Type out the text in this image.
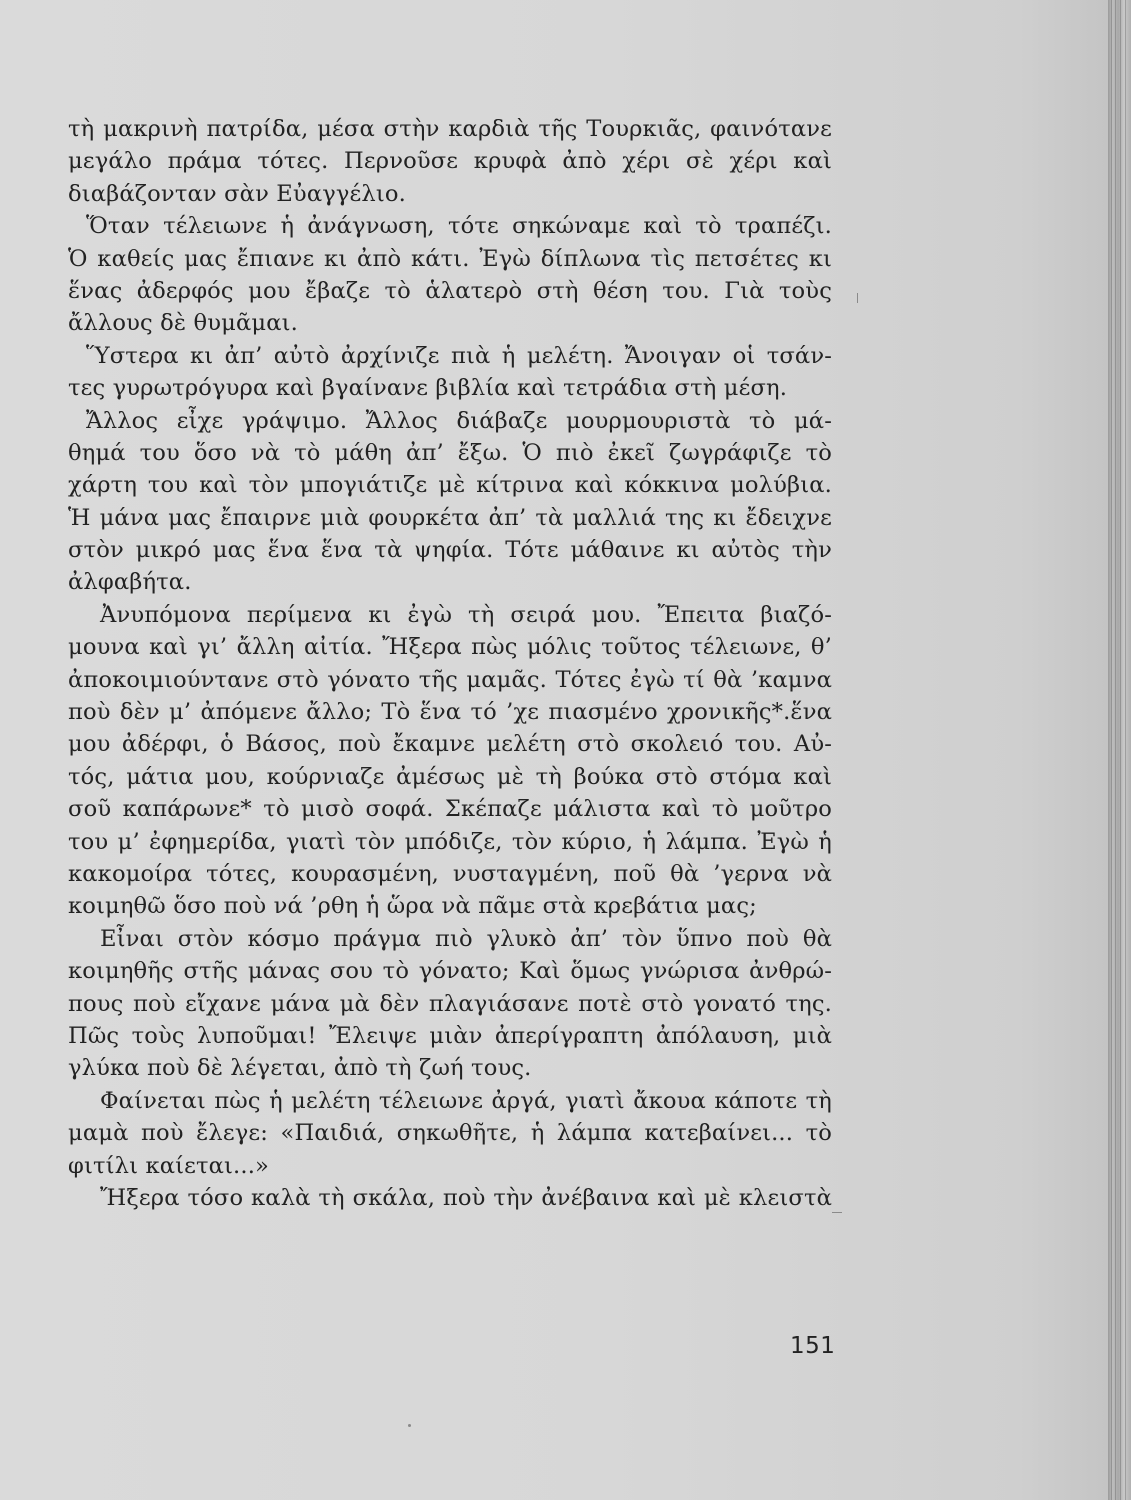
τὴ μακρινὴ πατρίδα, μέσα στὴν καρδιὰ τῆς Τουρκιᾶς, φαινότανε
μεγάλο πράμα τότες. Περνοῦσε κρυφὰ ἀπὸ χέρι σὲ χέρι καὶ
διαβάζονταν σὰν Εὐαγγέλιο.
Ὅταν τέλειωνε ἡ ἀνάγνωση, τότε σηκώναμε καὶ τὸ τραπέζι.
Ὁ καθείς μας ἔπιανε κι ἀπὸ κάτι. Ἐγὼ δίπλωνα τὶς πετσέτες κι
ἕνας ἀδερφός μου ἔβαζε τὸ ἁλατερὸ στὴ θέση του. Γιὰ τοὺς
ἄλλους δὲ θυμᾶμαι.
Ὕστερα κι ἀπ’ αὐτὸ ἀρχίνιζε πιὰ ἡ μελέτη. Ἄνοιγαν οἱ τσάν-
τες γυρωτρόγυρα καὶ βγαίνανε βιβλία καὶ τετράδια στὴ μέση.
Ἄλλος εἶχε γράψιμο. Ἄλλος διάβαζε μουρμουριστὰ τὸ μά-
θημά του ὅσο νὰ τὸ μάθη ἀπ’ ἔξω. Ὁ πιὸ ἐκεῖ ζωγράφιζε τὸ
χάρτη του καὶ τὸν μπογιάτιζε μὲ κίτρινα καὶ κόκκινα μολύβια.
Ἡ μάνα μας ἔπαιρνε μιὰ φουρκέτα ἀπ’ τὰ μαλλιά της κι ἔδειχνε
στὸν μικρό μας ἕνα ἕνα τὰ ψηφία. Τότε μάθαινε κι αὐτὸς τὴν
ἀλφαβήτα.
Ἀνυπόμονα περίμενα κι ἐγὼ τὴ σειρά μου. Ἔπειτα βιαζό-
μουνα καὶ γι’ ἄλλη αἰτία. Ἤξερα πὼς μόλις τοῦτος τέλειωνε, θ’
ἀποκοιμιούντανε στὸ γόνατο τῆς μαμᾶς. Τότες ἐγὼ τί θὰ ’καμνα
ποὺ δὲν μ’ ἀπόμενε ἄλλο; Τὸ ἕνα τό ’χε πιασμένο χρονικῆς*.ἕνα
μου ἀδέρφι, ὁ Βάσος, ποὺ ἔκαμνε μελέτη στὸ σκολειό του. Αὐ-
τός, μάτια μου, κούρνιαζε ἀμέσως μὲ τὴ βούκα στὸ στόμα καὶ
σοῦ καπάρωνε* τὸ μισὸ σοφά. Σκέπαζε μάλιστα καὶ τὸ μοῦτρο
του μ’ ἐφημερίδα, γιατὶ τὸν μπόδιζε, τὸν κύριο, ἡ λάμπα. Ἐγὼ ἡ
κακομοίρα τότες, κουρασμένη, νυσταγμένη, ποῦ θὰ ’γερνα νὰ
κοιμηθῶ ὅσο ποὺ νά ’ρθη ἡ ὥρα νὰ πᾶμε στὰ κρεβάτια μας;
Εἶναι στὸν κόσμο πράγμα πιὸ γλυκὸ ἀπ’ τὸν ὕπνο ποὺ θὰ
κοιμηθῆς στῆς μάνας σου τὸ γόνατο; Καὶ ὅμως γνώρισα ἀνθρώ-
πους ποὺ εἴχανε μάνα μὰ δὲν πλαγιάσανε ποτὲ στὸ γονατό της.
Πῶς τοὺς λυποῦμαι! Ἔλειψε μιὰν ἀπερίγραπτη ἀπόλαυση, μιὰ
γλύκα ποὺ δὲ λέγεται, ἀπὸ τὴ ζωή τους.
Φαίνεται πὼς ἡ μελέτη τέλειωνε ἀργά, γιατὶ ἄκουα κάποτε τὴ
μαμὰ ποὺ ἔλεγε: «Παιδιά, σηκωθῆτε, ἡ λάμπα κατεβαίνει... τὸ
φιτίλι καίεται...»
Ἤξερα τόσο καλὰ τὴ σκάλα, ποὺ τὴν ἀνέβαινα καὶ μὲ κλειστὰ
151
